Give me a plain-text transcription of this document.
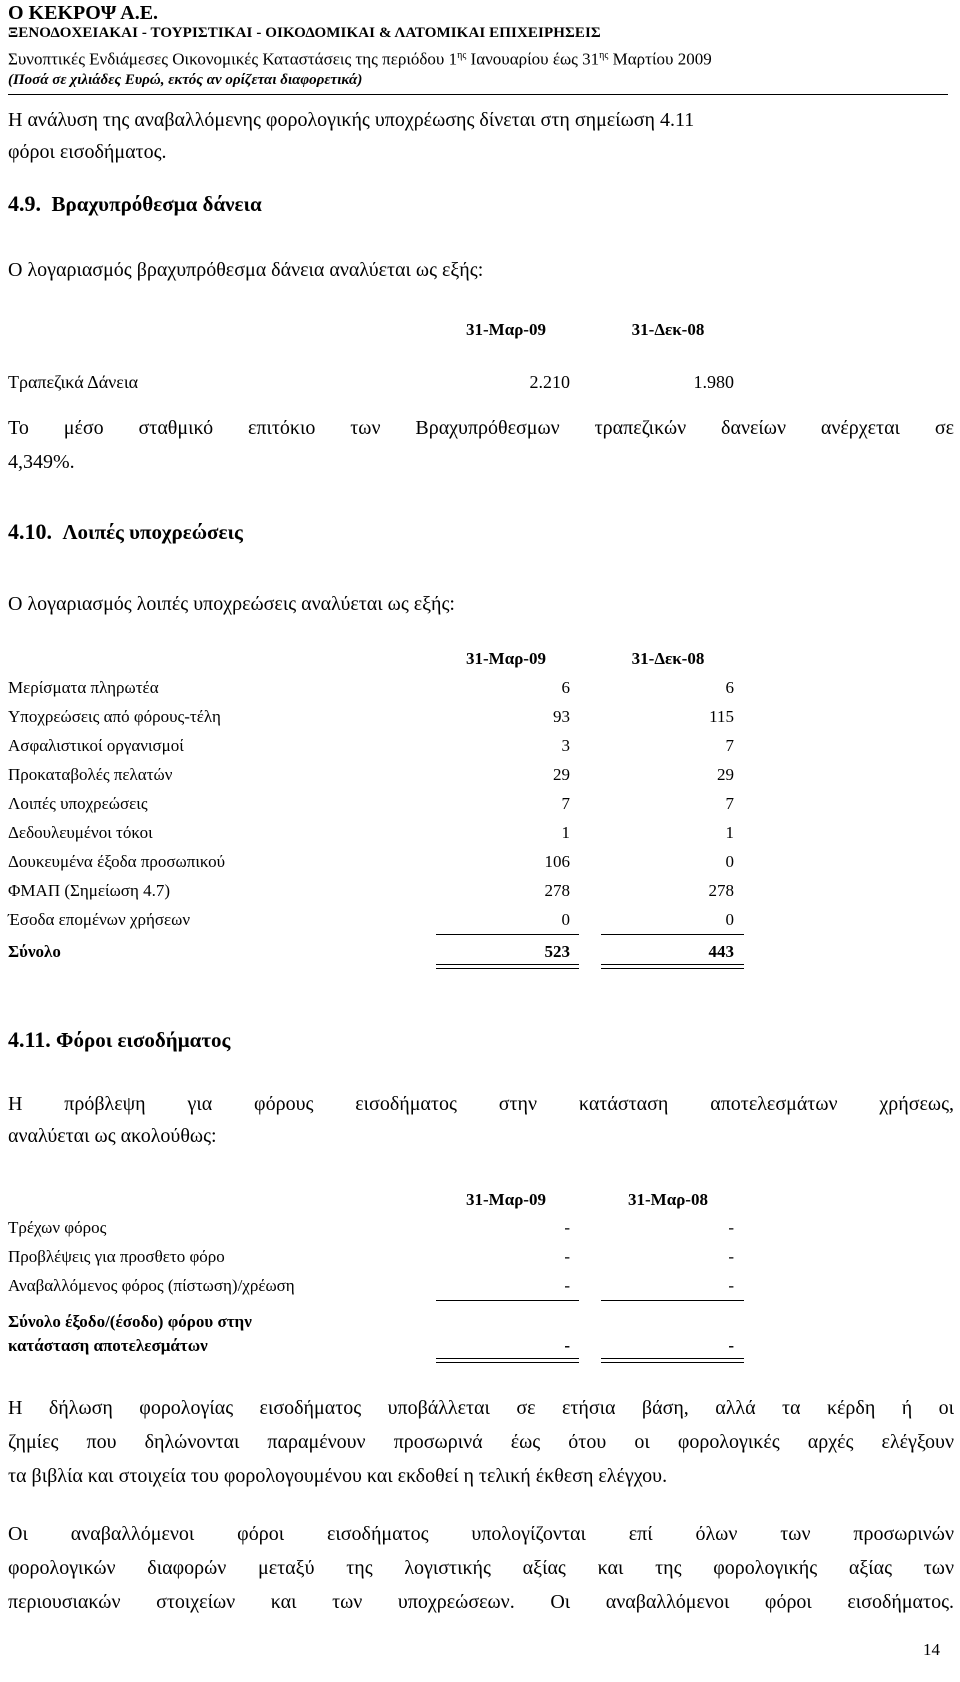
Ο ΚΕΚΡΟΨ Α.Ε.
ΞΕΝΟΔΟΧΕΙΑΚΑΙ - ΤΟΥΡΙΣΤΙΚΑΙ - ΟΙΚΟΔΟΜΙΚΑΙ & ΛΑΤΟΜΙΚΑΙ ΕΠΙΧΕΙΡΗΣΕΙΣ
Συνοπτικές Ενδιάμεσες Οικονομικές Καταστάσεις της περιόδου $1^{\eta\varsigma}$ Ιανουαρίου έως $31^{\eta\varsigma}$ Μαρτίου 2009
(Ποσά σε χιλιάδες Ευρώ, εκτός αν ορίζεται διαφορετικά)
Η ανάλυση της αναβαλλόμενης φορολογικής υποχρέωσης δίνεται στη σημείωση 4.11
φόροι εισοδήματος.
4.9. Βραχυπρόθεσμα δάνεια
Ο λογαριασμός βραχυπρόθεσμα δάνεια αναλύεται ως εξής:
31-Μαρ-09	31-Δεκ-08
Τραπεζικά Δάνεια	2.210	1.980
Το μέσο σταθμικό επιτόκιο των Βραχυπρόθεσμων τραπεζικών δανείων ανέρχεται σε
4,349%.
4.10. Λοιπές υποχρεώσεις
Ο λογαριασμός λοιπές υποχρεώσεις αναλύεται ως εξής:
31-Μαρ-09	31-Δεκ-08
Μερίσματα πληρωτέα	6	6
Υποχρεώσεις από φόρους-τέλη	93	115
Ασφαλιστικοί οργανισμοί	3	7
Προκαταβολές πελατών	29	29
Λοιπές υποχρεώσεις	7	7
Δεδουλευμένοι τόκοι	1	1
Δουκευμένα έξοδα προσωπικού	106	0
ΦΜΑΠ (Σημείωση 4.7)	278	278
Έσοδα επομένων χρήσεων	0	0
Σύνολο	523	443
4.11. Φόροι εισοδήματος
Η πρόβλεψη για φόρους εισοδήματος στην κατάσταση αποτελεσμάτων χρήσεως,
αναλύεται ως ακολούθως:
31-Μαρ-09	31-Μαρ-08
Τρέχων φόρος	-	-
Προβλέψεις για προσθετο φόρο	-	-
Αναβαλλόμενος φόρος (πίστωση)/χρέωση	-	-
Σύνολο έξοδο/(έσοδο) φόρου στην
κατάσταση αποτελεσμάτων	-	-
Η δήλωση φορολογίας εισοδήματος υποβάλλεται σε ετήσια βάση, αλλά τα κέρδη ή οι
ζημίες που δηλώνονται παραμένουν προσωρινά έως ότου οι φορολογικές αρχές ελέγξουν
τα βιβλία και στοιχεία του φορολογουμένου και εκδοθεί η τελική έκθεση ελέγχου.
Οι αναβαλλόμενοι φόροι εισοδήματος υπολογίζονται επί όλων των προσωρινών
φορολογικών διαφορών μεταξύ της λογιστικής αξίας και της φορολογικής αξίας των
περιουσιακών στοιχείων και των υποχρεώσεων. Οι αναβαλλόμενοι φόροι εισοδήματος.
14
